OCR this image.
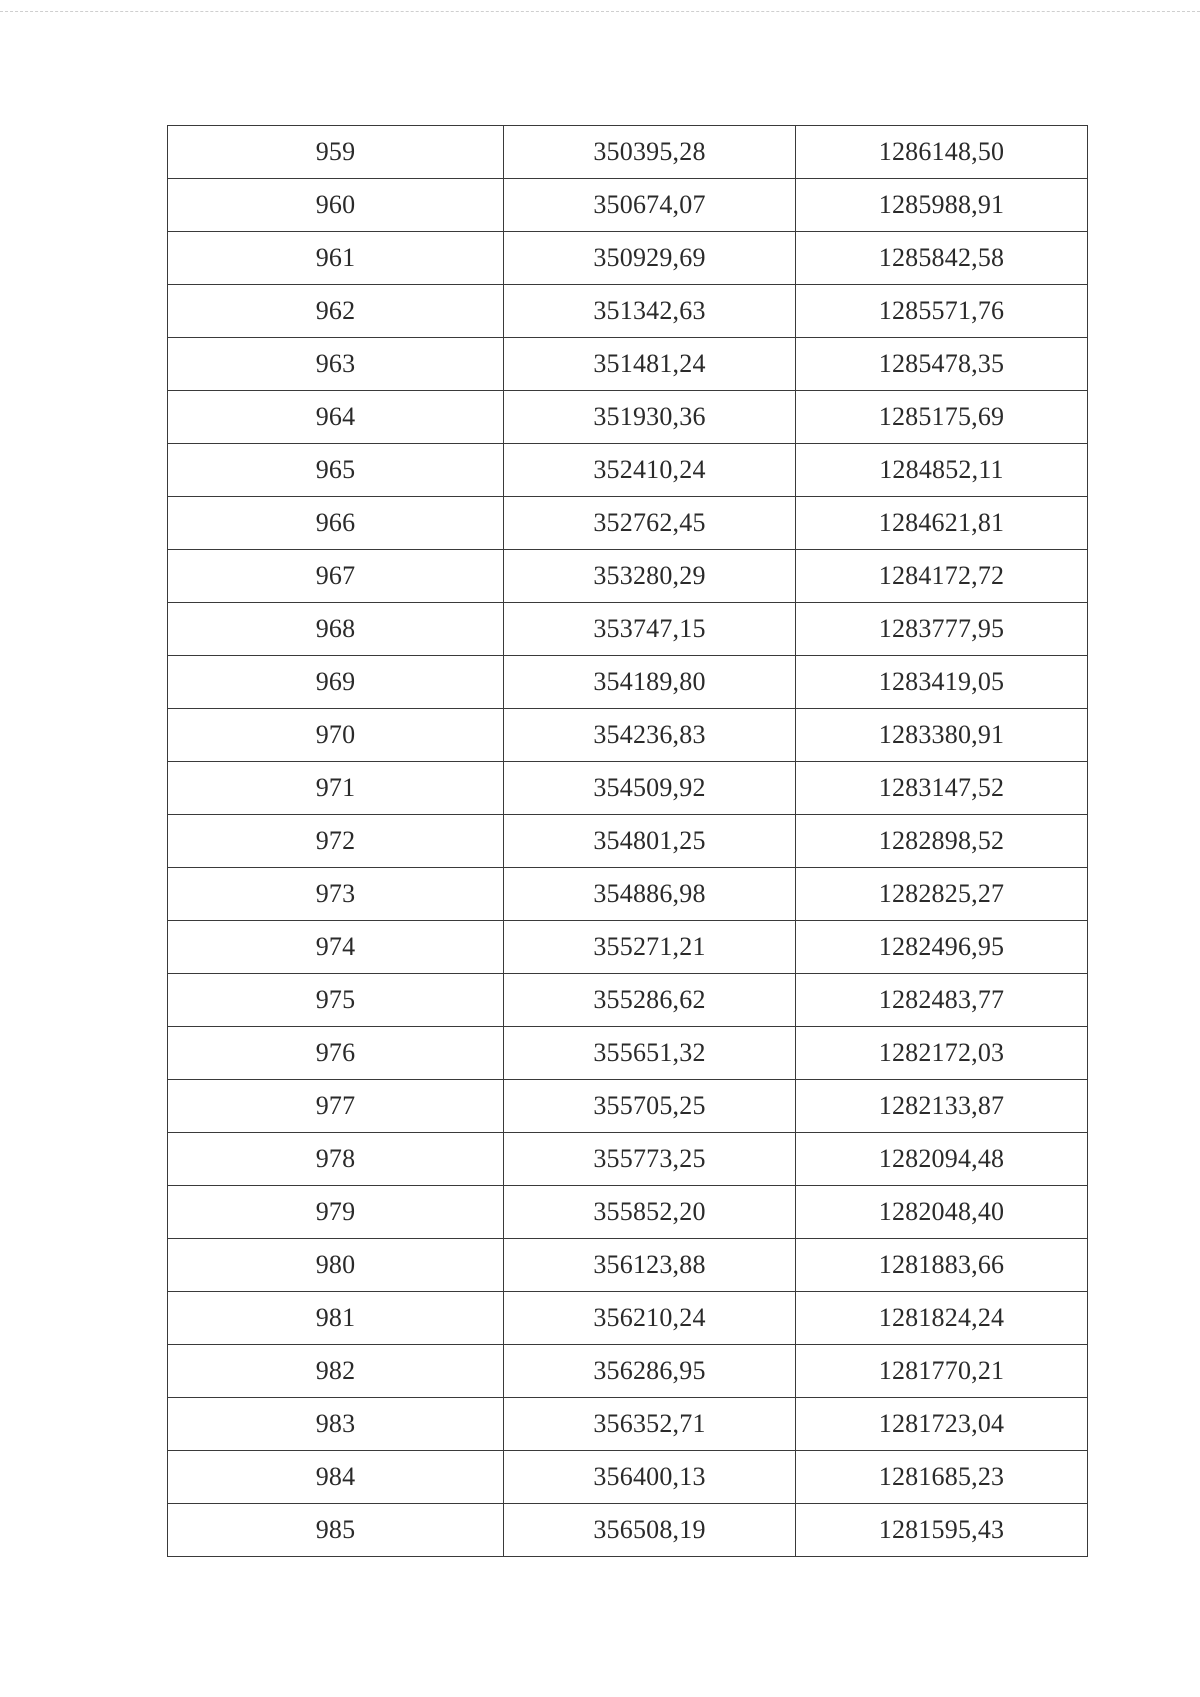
959	350395,28	1286148,50
960	350674,07	1285988,91
961	350929,69	1285842,58
962	351342,63	1285571,76
963	351481,24	1285478,35
964	351930,36	1285175,69
965	352410,24	1284852,11
966	352762,45	1284621,81
967	353280,29	1284172,72
968	353747,15	1283777,95
969	354189,80	1283419,05
970	354236,83	1283380,91
971	354509,92	1283147,52
972	354801,25	1282898,52
973	354886,98	1282825,27
974	355271,21	1282496,95
975	355286,62	1282483,77
976	355651,32	1282172,03
977	355705,25	1282133,87
978	355773,25	1282094,48
979	355852,20	1282048,40
980	356123,88	1281883,66
981	356210,24	1281824,24
982	356286,95	1281770,21
983	356352,71	1281723,04
984	356400,13	1281685,23
985	356508,19	1281595,43
